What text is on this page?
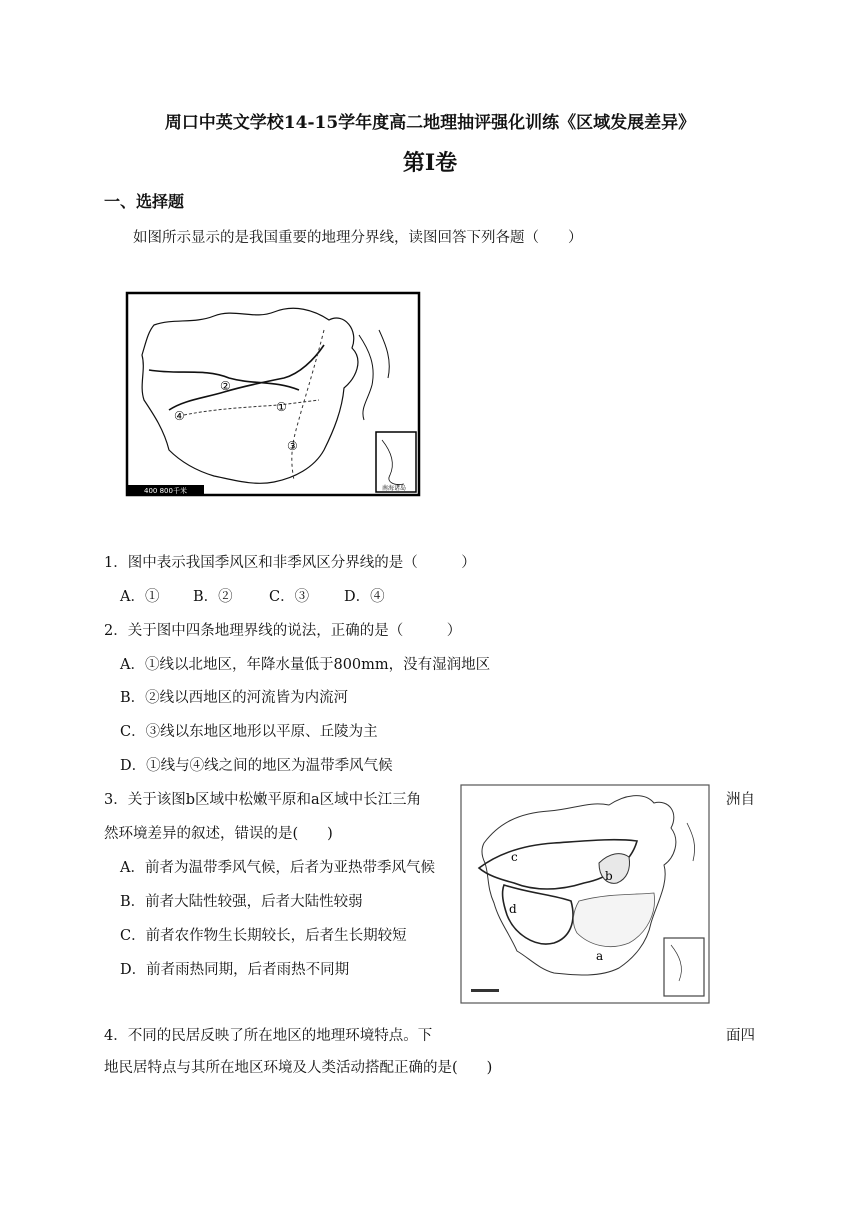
周口中英文学校14-15学年度高二地理抽评强化训练《区域发展差异》
第Ⅰ卷
一、选择题
如图所示显示的是我国重要的地理分界线，读图回答下列各题（　　）
400 800千米	南海诸岛
①
②
③
④
1．图中表示我国季风区和非季风区分界线的是（　　　）
A．① B．②	C．③ D．④
2．关于图中四条地理界线的说法，正确的是（　　　）
A．①线以北地区，年降水量低于800mm，没有湿润地区
B．②线以西地区的河流皆为内流河
C．③线以东地区地形以平原、丘陵为主
D．①线与④线之间的地区为温带季风气候
3．关于该图b区域中松嫩平原和a区域中长江三角	洲自
然环境差异的叙述，错误的是(　　)
A．前者为温带季风气候，后者为亚热带季风气候
B．前者大陆性较强，后者大陆性较弱
C．前者农作物生长期较长，后者生长期较短
D．前者雨热同期，后者雨热不同期
a
b
c
d
4．不同的民居反映了所在地区的地理环境特点。下	面四
地民居特点与其所在地区环境及人类活动搭配正确的是(　　)
